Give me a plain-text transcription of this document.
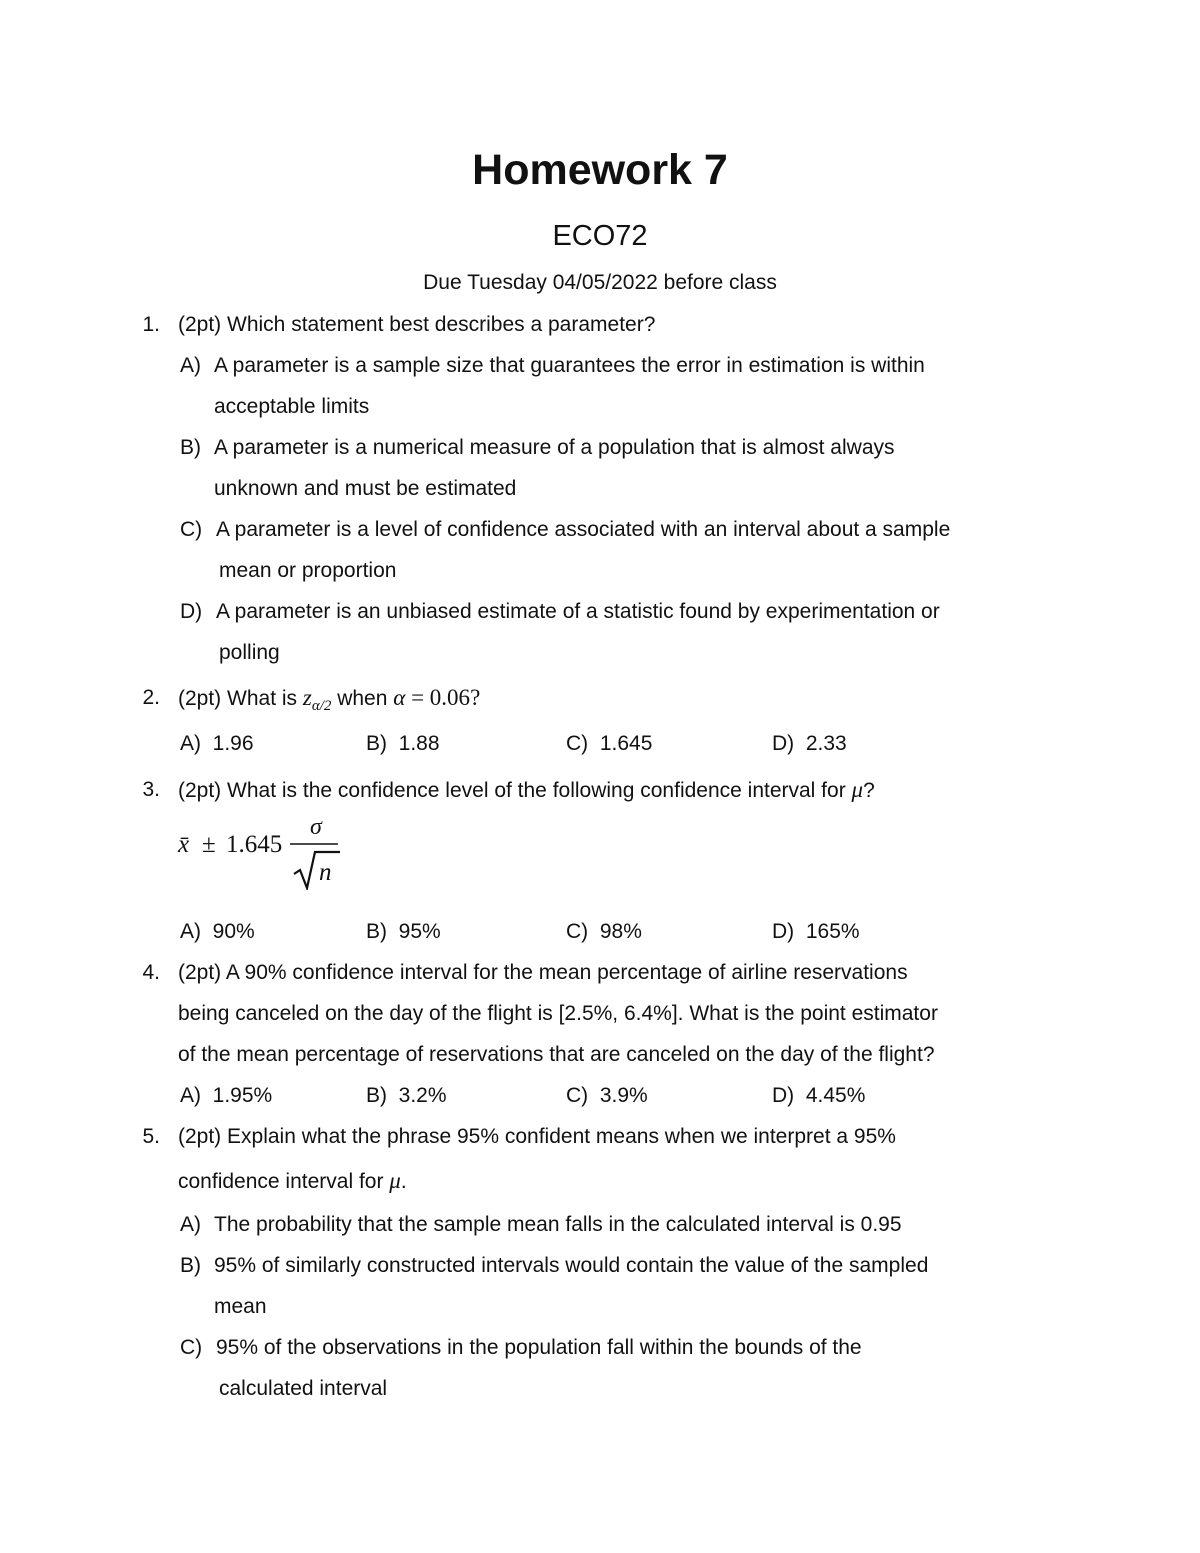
Homework 7
ECO72
Due Tuesday 04/05/2022 before class
1. (2pt) Which statement best describes a parameter?
A) A parameter is a sample size that guarantees the error in estimation is within
acceptable limits
B) A parameter is a numerical measure of a population that is almost always
unknown and must be estimated
C) A parameter is a level of confidence associated with an interval about a sample
mean or proportion
D) A parameter is an unbiased estimate of a statistic found by experimentation or
polling
2. (2pt) What is $z_{\alpha/2}$ when α = 0.06?
A) 1.96	B) 1.88	C) 1.645	D) 2.33
3. (2pt) What is the confidence level of the following confidence interval for μ?
x̄ ± 1.645
σ
n
A) 90%	B) 95%	C) 98%	D) 165%
4. (2pt) A 90% confidence interval for the mean percentage of airline reservations
being canceled on the day of the flight is [2.5%, 6.4%]. What is the point estimator
of the mean percentage of reservations that are canceled on the day of the flight?
A) 1.95%	B) 3.2%	C) 3.9%	D) 4.45%
5. (2pt) Explain what the phrase 95% confident means when we interpret a 95%
confidence interval for μ.
A) The probability that the sample mean falls in the calculated interval is 0.95
B) 95% of similarly constructed intervals would contain the value of the sampled
mean
C) 95% of the observations in the population fall within the bounds of the
calculated interval
